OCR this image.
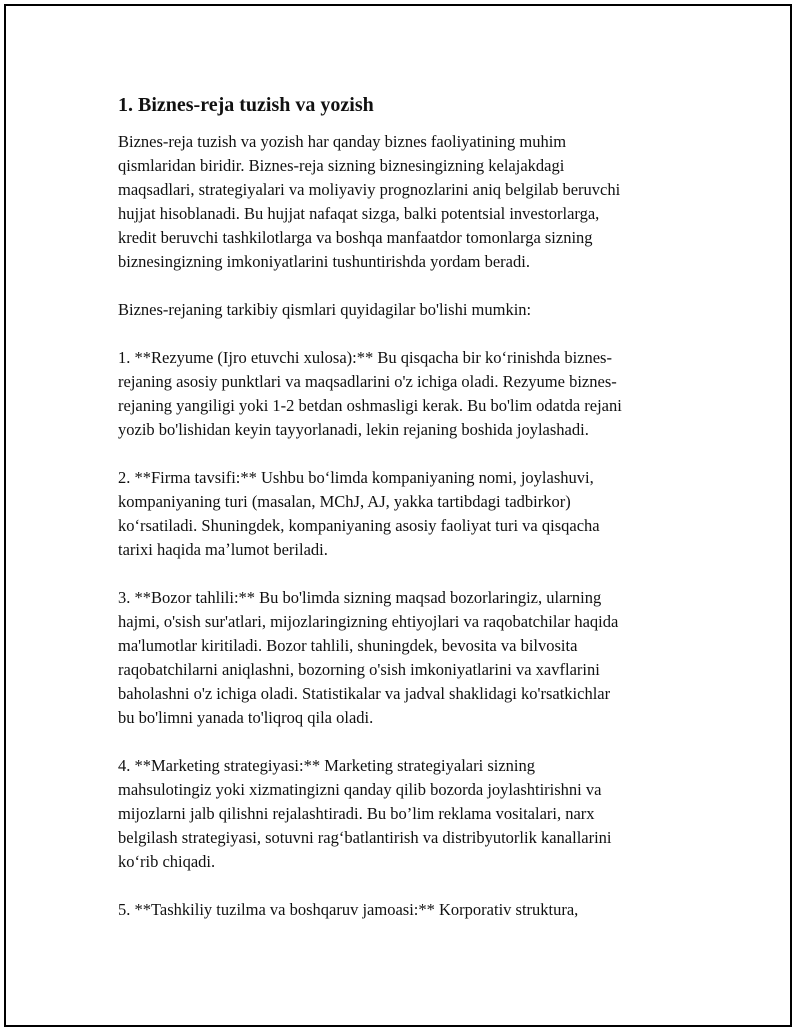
1. Biznes-reja tuzish va yozish

Biznes-reja tuzish va yozish har qanday biznes faoliyatining muhim
qismlaridan biridir. Biznes-reja sizning biznesingizning kelajakdagi
maqsadlari, strategiyalari va moliyaviy prognozlarini aniq belgilab beruvchi
hujjat hisoblanadi. Bu hujjat nafaqat sizga, balki potentsial investorlarga,
kredit beruvchi tashkilotlarga va boshqa manfaatdor tomonlarga sizning
biznesingizning imkoniyatlarini tushuntirishda yordam beradi.

Biznes-rejaning tarkibiy qismlari quyidagilar bo'lishi mumkin:

1. **Rezyume (Ijro etuvchi xulosa):** Bu qisqacha bir koʻrinishda biznes-
rejaning asosiy punktlari va maqsadlarini o'z ichiga oladi. Rezyume biznes-
rejaning yangiligi yoki 1-2 betdan oshmasligi kerak. Bu bo'lim odatda rejani
yozib bo'lishidan keyin tayyorlanadi, lekin rejaning boshida joylashadi.

2. **Firma tavsifi:** Ushbu boʻlimda kompaniyaning nomi, joylashuvi,
kompaniyaning turi (masalan, MChJ, AJ, yakka tartibdagi tadbirkor)
koʻrsatiladi. Shuningdek, kompaniyaning asosiy faoliyat turi va qisqacha
tarixi haqida maʼlumot beriladi.

3. **Bozor tahlili:** Bu bo'limda sizning maqsad bozorlaringiz, ularning
hajmi, o'sish sur'atlari, mijozlaringizning ehtiyojlari va raqobatchilar haqida
ma'lumotlar kiritiladi. Bozor tahlili, shuningdek, bevosita va bilvosita
raqobatchilarni aniqlashni, bozorning o'sish imkoniyatlarini va xavflarini
baholashni o'z ichiga oladi. Statistikalar va jadval shaklidagi ko'rsatkichlar
bu bo'limni yanada to'liqroq qila oladi.

4. **Marketing strategiyasi:** Marketing strategiyalari sizning
mahsulotingiz yoki xizmatingizni qanday qilib bozorda joylashtirishni va
mijozlarni jalb qilishni rejalashtiradi. Bu bo’lim reklama vositalari, narx
belgilash strategiyasi, sotuvni ragʻbatlantirish va distribyutorlik kanallarini
koʻrib chiqadi.

5. **Tashkiliy tuzilma va boshqaruv jamoasi:** Korporativ struktura,
